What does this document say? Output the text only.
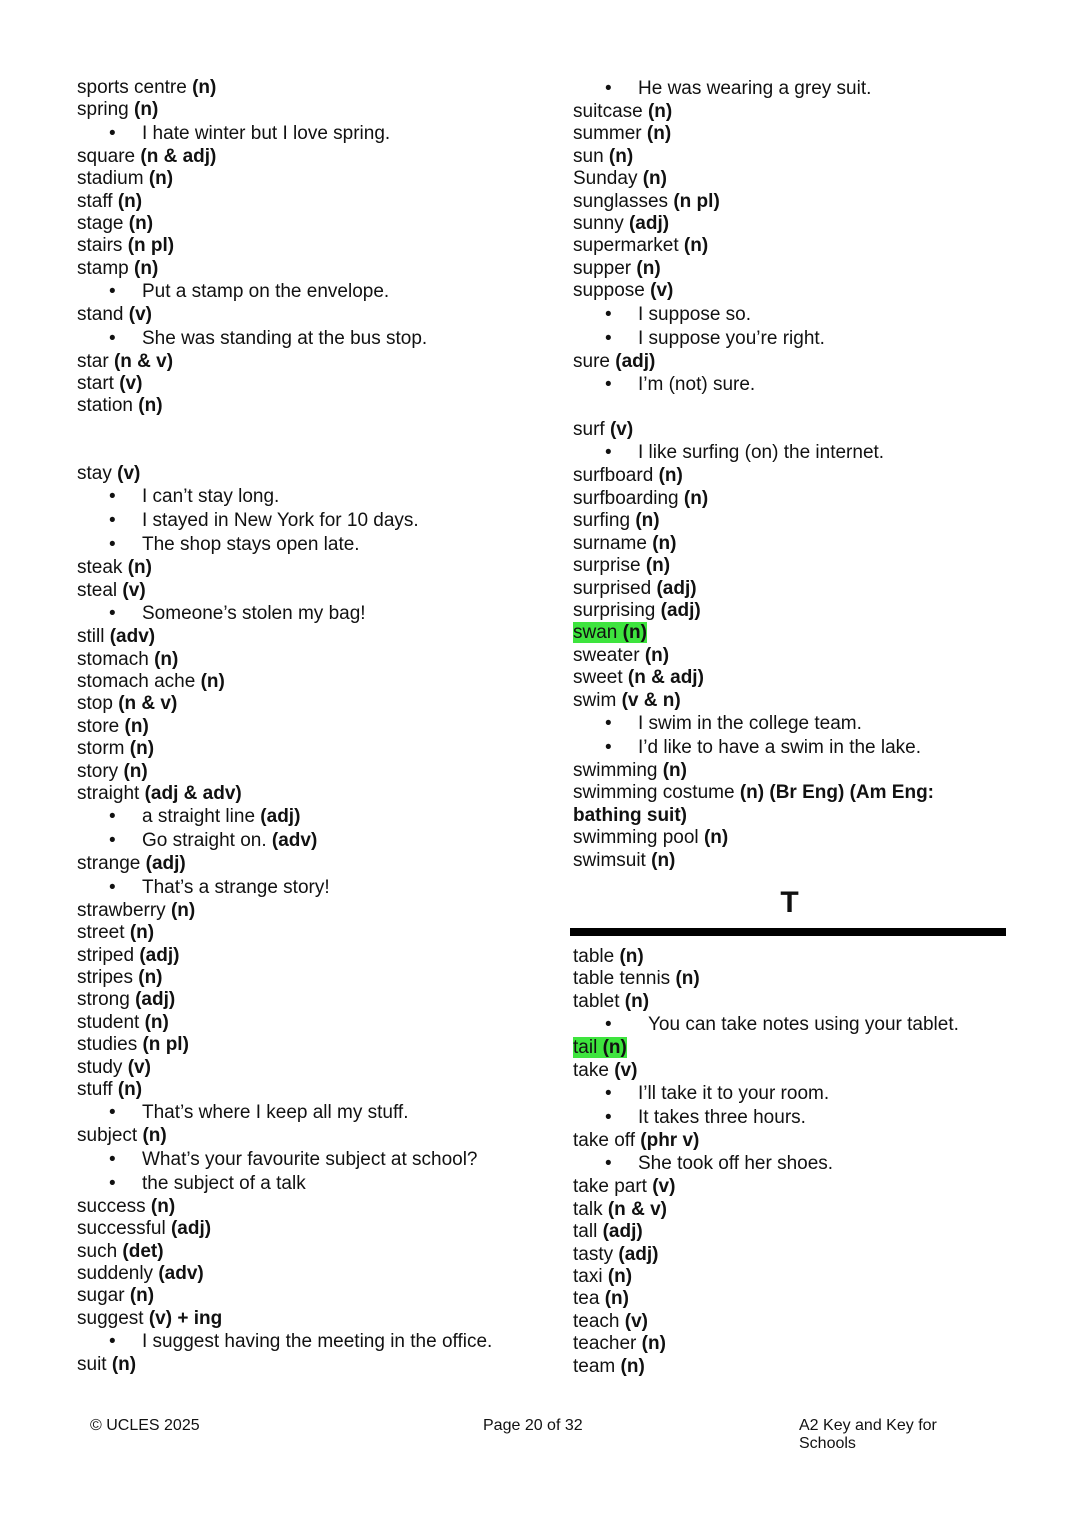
sports centre (n)
spring (n)
• I hate winter but I love spring.
square (n & adj)
stadium (n)
staff (n)
stage (n)
stairs (n pl)
stamp (n)
• Put a stamp on the envelope.
stand (v)
• She was standing at the bus stop.
star (n & v)
start (v)
station (n)
stay (v)
• I can’t stay long.
• I stayed in New York for 10 days.
• The shop stays open late.
steak (n)
steal (v)
• Someone’s stolen my bag!
still (adv)
stomach (n)
stomach ache (n)
stop (n & v)
store (n)
storm (n)
story (n)
straight (adj & adv)
• a straight line (adj)
• Go straight on. (adv)
strange (adj)
• That’s a strange story!
strawberry (n)
street (n)
striped (adj)
stripes (n)
strong (adj)
student (n)
studies (n pl)
study (v)
stuff (n)
• That’s where I keep all my stuff.
subject (n)
• What’s your favourite subject at school?
• the subject of a talk
success (n)
successful (adj)
such (det)
suddenly (adv)
sugar (n)
suggest (v) + ing
• I suggest having the meeting in the office.
suit (n)
• He was wearing a grey suit.
suitcase (n)
summer (n)
sun (n)
Sunday (n)
sunglasses (n pl)
sunny (adj)
supermarket (n)
supper (n)
suppose (v)
• I suppose so.
• I suppose you’re right.
sure (adj)
• I’m (not) sure.
surf (v)
• I like surfing (on) the internet.
surfboard (n)
surfboarding (n)
surfing (n)
surname (n)
surprise (n)
surprised (adj)
surprising (adj)
swan (n)
sweater (n)
sweet (n & adj)
swim (v & n)
• I swim in the college team.
• I’d like to have a swim in the lake.
swimming (n)
swimming costume (n) (Br Eng) (Am Eng:
bathing suit)
swimming pool (n)
swimsuit (n)
T
table (n)
table tennis (n)
tablet (n)
• You can take notes using your tablet.
tail (n)
take (v)
• I’ll take it to your room.
• It takes three hours.
take off (phr v)
• She took off her shoes.
take part (v)
talk (n & v)
tall (adj)
tasty (adj)
taxi (n)
tea (n)
teach (v)
teacher (n)
team (n)
© UCLES 2025	Page 20 of 32	A2 Key and Key for
Schools
